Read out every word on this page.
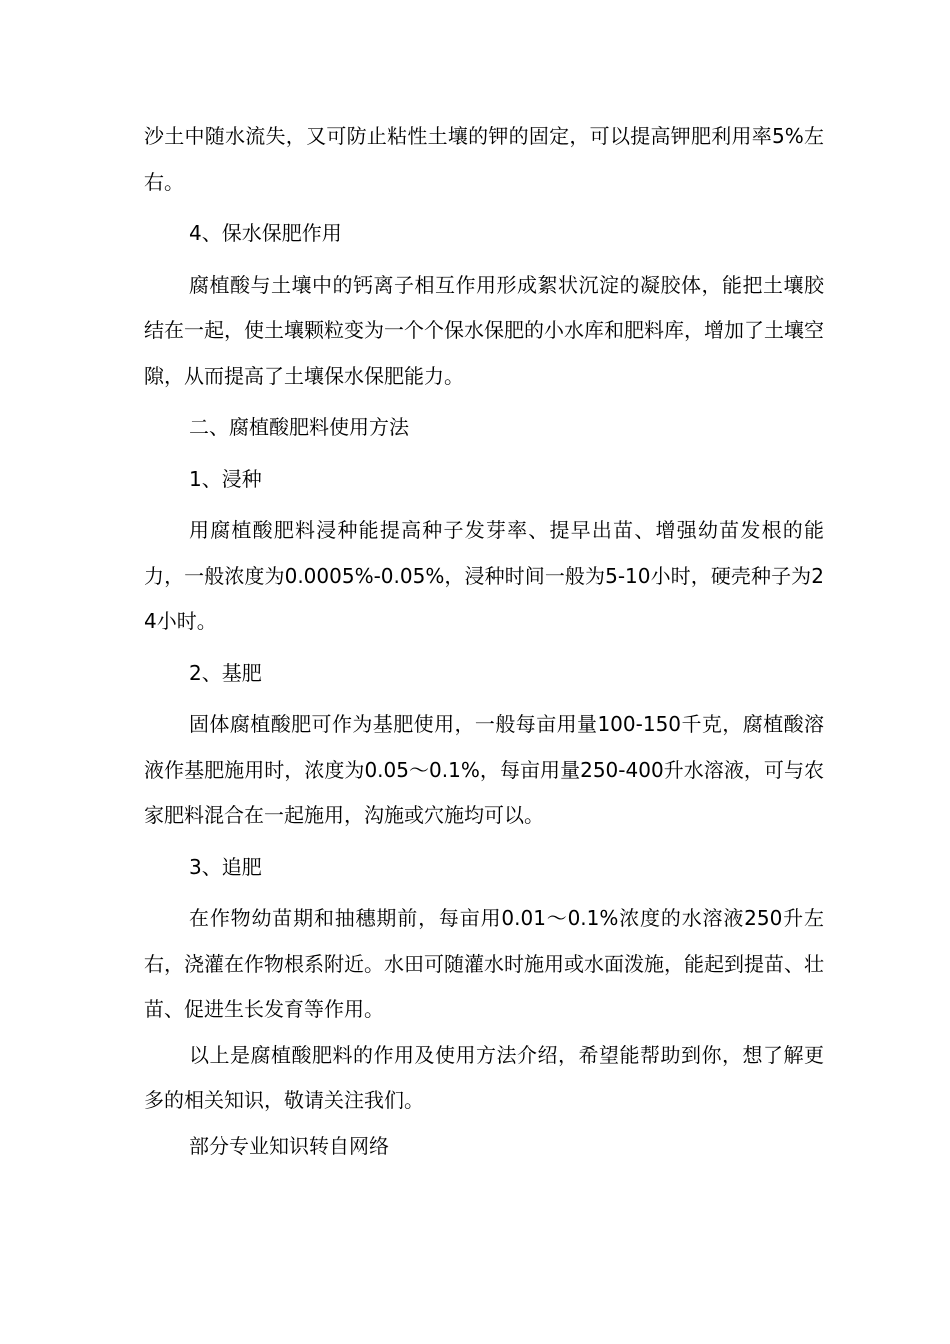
沙土中随水流失，又可防止粘性土壤的钾的固定，可以提高钾肥利用率5%左右。

4、保水保肥作用

腐植酸与土壤中的钙离子相互作用形成絮状沉淀的凝胶体，能把土壤胶结在一起，使土壤颗粒变为一个个保水保肥的小水库和肥料库，增加了土壤空隙，从而提高了土壤保水保肥能力。

二、腐植酸肥料使用方法

1、浸种

用腐植酸肥料浸种能提高种子发芽率、提早出苗、增强幼苗发根的能力，一般浓度为0.0005%-0.05%，浸种时间一般为5-10小时，硬壳种子为24小时。

2、基肥

固体腐植酸肥可作为基肥使用，一般每亩用量100-150千克，腐植酸溶液作基肥施用时，浓度为0.05～0.1%，每亩用量250-400升水溶液，可与农家肥料混合在一起施用，沟施或穴施均可以。

3、追肥

在作物幼苗期和抽穗期前，每亩用0.01～0.1%浓度的水溶液250升左右，浇灌在作物根系附近。水田可随灌水时施用或水面泼施，能起到提苗、壮苗、促进生长发育等作用。

以上是腐植酸肥料的作用及使用方法介绍，希望能帮助到你，想了解更多的相关知识，敬请关注我们。

部分专业知识转自网络
